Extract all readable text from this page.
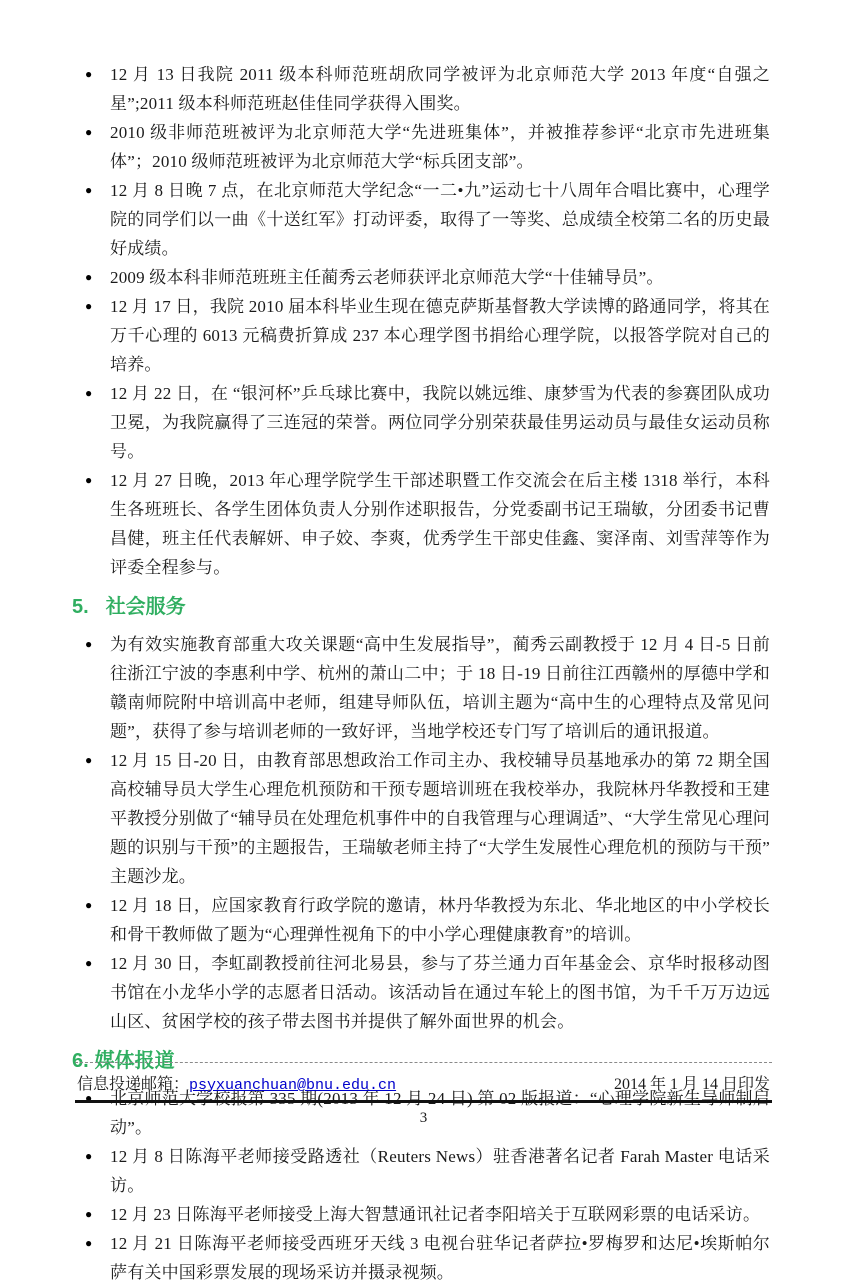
●	12 月 13 日我院 2011 级本科师范班胡欣同学被评为北京师范大学 2013 年度“自强之星”;2011 级本科师范班赵佳佳同学获得入围奖。
●	2010 级非师范班被评为北京师范大学“先进班集体”，并被推荐参评“北京市先进班集体”；2010 级师范班被评为北京师范大学“标兵团支部”。
●	12 月 8 日晚 7 点，在北京师范大学纪念“一二•九”运动七十八周年合唱比赛中，心理学院的同学们以一曲《十送红军》打动评委，取得了一等奖、总成绩全校第二名的历史最好成绩。
●	2009 级本科非师范班班主任蔺秀云老师获评北京师范大学“十佳辅导员”。
●	12 月 17 日，我院 2010 届本科毕业生现在德克萨斯基督教大学读博的路通同学，将其在万千心理的 6013 元稿费折算成 237 本心理学图书捐给心理学院，以报答学院对自己的培养。
●	12 月 22 日，在 “银河杯”乒乓球比赛中，我院以姚远维、康梦雪为代表的参赛团队成功卫冕，为我院赢得了三连冠的荣誉。两位同学分别荣获最佳男运动员与最佳女运动员称号。
●	12 月 27 日晚，2013 年心理学院学生干部述职暨工作交流会在后主楼 1318 举行，本科生各班班长、各学生团体负责人分别作述职报告，分党委副书记王瑞敏，分团委书记曹昌健，班主任代表解妍、申子姣、李爽，优秀学生干部史佳鑫、窦泽南、刘雪萍等作为评委全程参与。
5. 社会服务
●	为有效实施教育部重大攻关课题“高中生发展指导”，蔺秀云副教授于 12 月 4 日-5 日前往浙江宁波的李惠利中学、杭州的萧山二中；于 18 日-19 日前往江西赣州的厚德中学和赣南师院附中培训高中老师，组建导师队伍，培训主题为“高中生的心理特点及常见问题”，获得了参与培训老师的一致好评，当地学校还专门写了培训后的通讯报道。
●	12 月 15 日-20 日，由教育部思想政治工作司主办、我校辅导员基地承办的第 72 期全国高校辅导员大学生心理危机预防和干预专题培训班在我校举办，我院林丹华教授和王建平教授分别做了“辅导员在处理危机事件中的自我管理与心理调适”、“大学生常见心理问题的识别与干预”的主题报告，王瑞敏老师主持了“大学生发展性心理危机的预防与干预”主题沙龙。
●	12 月 18 日，应国家教育行政学院的邀请，林丹华教授为东北、华北地区的中小学校长和骨干教师做了题为“心理弹性视角下的中小学心理健康教育”的培训。
●	12 月 30 日，李虹副教授前往河北易县，参与了芬兰通力百年基金会、京华时报移动图书馆在小龙华小学的志愿者日活动。该活动旨在通过车轮上的图书馆，为千千万万边远山区、贫困学校的孩子带去图书并提供了解外面世界的机会。
6. 媒体报道
●	北京师范大学校报第 335 期(2013 年 12 月 24 日) 第 02 版报道：“心理学院新生导师制启动”。
●	12 月 8 日陈海平老师接受路透社（Reuters News）驻香港著名记者 Farah Master 电话采访。
●	12 月 23 日陈海平老师接受上海大智慧通讯社记者李阳培关于互联网彩票的电话采访。
●	12 月 21 日陈海平老师接受西班牙天线 3 电视台驻华记者萨拉•罗梅罗和达尼•埃斯帕尔萨有关中国彩票发展的现场采访并摄录视频。
信息投递邮箱：psyxuanchuan@bnu.edu.cn	2014 年 1 月 14 日印发
3
